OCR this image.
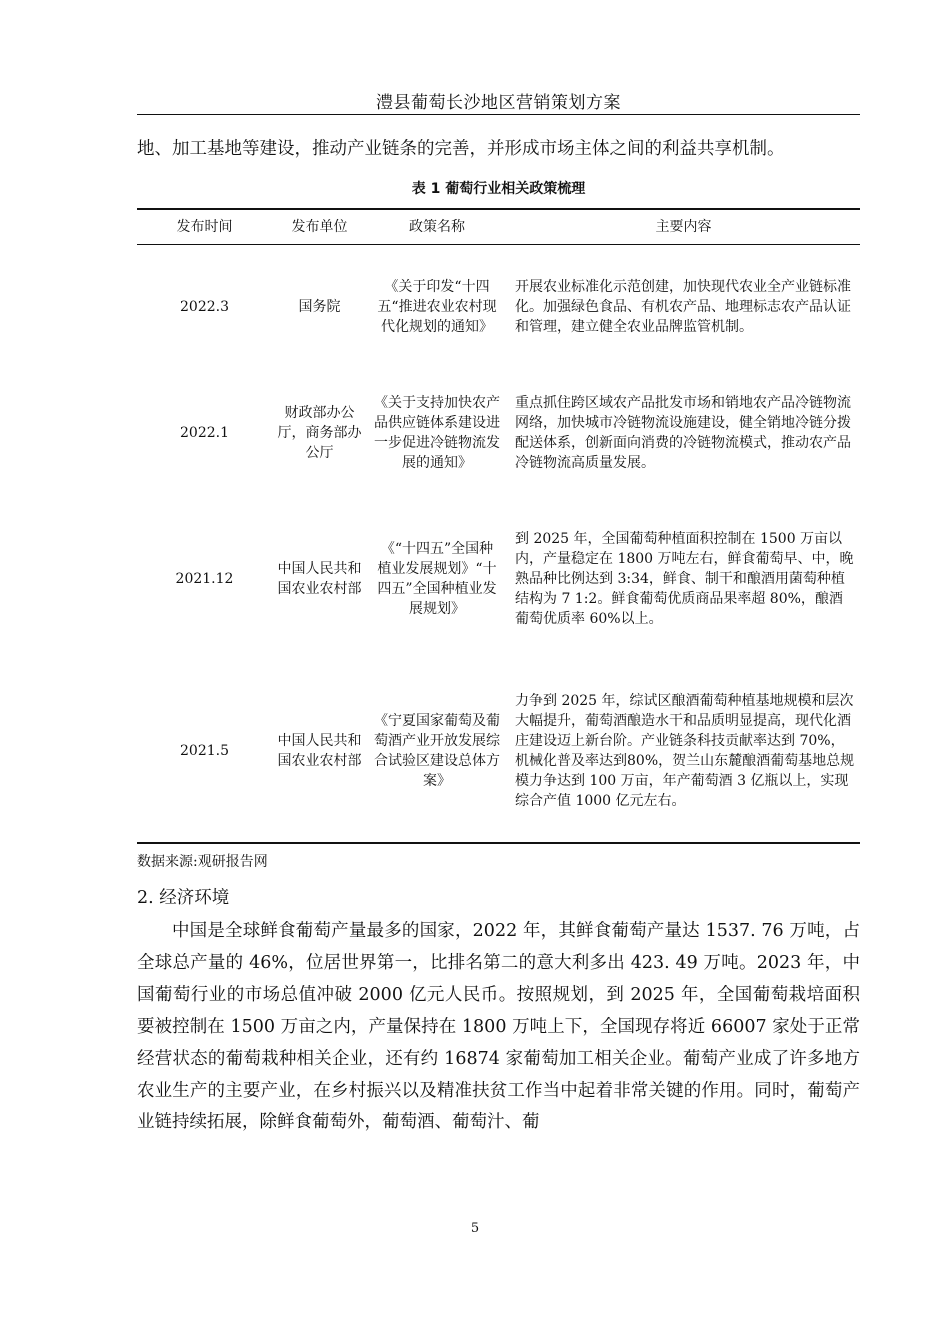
澧县葡萄长沙地区营销策划方案

地、加工基地等建设，推动产业链条的完善，并形成市场主体之间的利益共享机制。

表 1 葡萄行业相关政策梳理
发布时间	发布单位	政策名称	主要内容
2022.3	国务院	《关于印发“十四五“推进农业农村现代化规划的通知》	开展农业标准化示范创建，加快现代农业全产业链标准化。加强绿色食品、有机农产品、地理标志农产品认证和管理，建立健全农业品牌监管机制。

2022.1	财政部办公厅，商务部办公厅	《关于支持加快农产品供应链体系建设进一步促进冷链物流发展的通知》	重点抓住跨区域农产品批发市场和销地农产品冷链物流网络，加快城市冷链物流设施建设，健全销地冷链分拨配送体系，创新面向消费的冷链物流模式，推动农产品冷链物流高质量发展。

2021.12	中国人民共和国农业农村部	《“十四五”全国种植业发展规划》“十四五”全国种植业发展规划》	到 2025 年，全国葡萄种植面积控制在 1500 万亩以内，产量稳定在 1800 万吨左右，鲜食葡萄早、中，晚熟品种比例达到 3:34，鲜食、制干和酿酒用菌萄种植结构为 7 1:2。鲜食葡萄优质商品果率超 80%，酿酒葡萄优质率 60%以上。

2021.5	中国人民共和国农业农村部	《宁夏国家葡萄及葡萄酒产业开放发展综合试验区建设总体方案》	力争到 2025 年，综试区酿酒葡萄种植基地规模和层次大幅提升，葡萄酒酿造水干和品质明显提高，现代化酒庄建设迈上新台阶。产业链条科技贡献率达到 70%，机械化普及率达到80%，贺兰山东麓酿酒葡萄基地总规模力争达到 100 万亩，年产葡萄酒 3 亿瓶以上，实现综合产值 1000 亿元左右。
数据来源:观研报告网
2. 经济环境

中国是全球鲜食葡萄产量最多的国家，2022 年，其鲜食葡萄产量达 1537. 76 万吨，占全球总产量的 46%，位居世界第一，比排名第二的意大利多出 423. 49 万吨。2023 年，中国葡萄行业的市场总值冲破 2000 亿元人民币。按照规划，到 2025 年，全国葡萄栽培面积要被控制在 1500 万亩之内，产量保持在 1800 万吨上下，全国现存将近 66007 家处于正常经营状态的葡萄栽种相关企业，还有约 16874 家葡萄加工相关企业。葡萄产业成了许多地方农业生产的主要产业，在乡村振兴以及精准扶贫工作当中起着非常关键的作用。同时，葡萄产业链持续拓展，除鲜食葡萄外，葡萄酒、葡萄汁、葡

5
